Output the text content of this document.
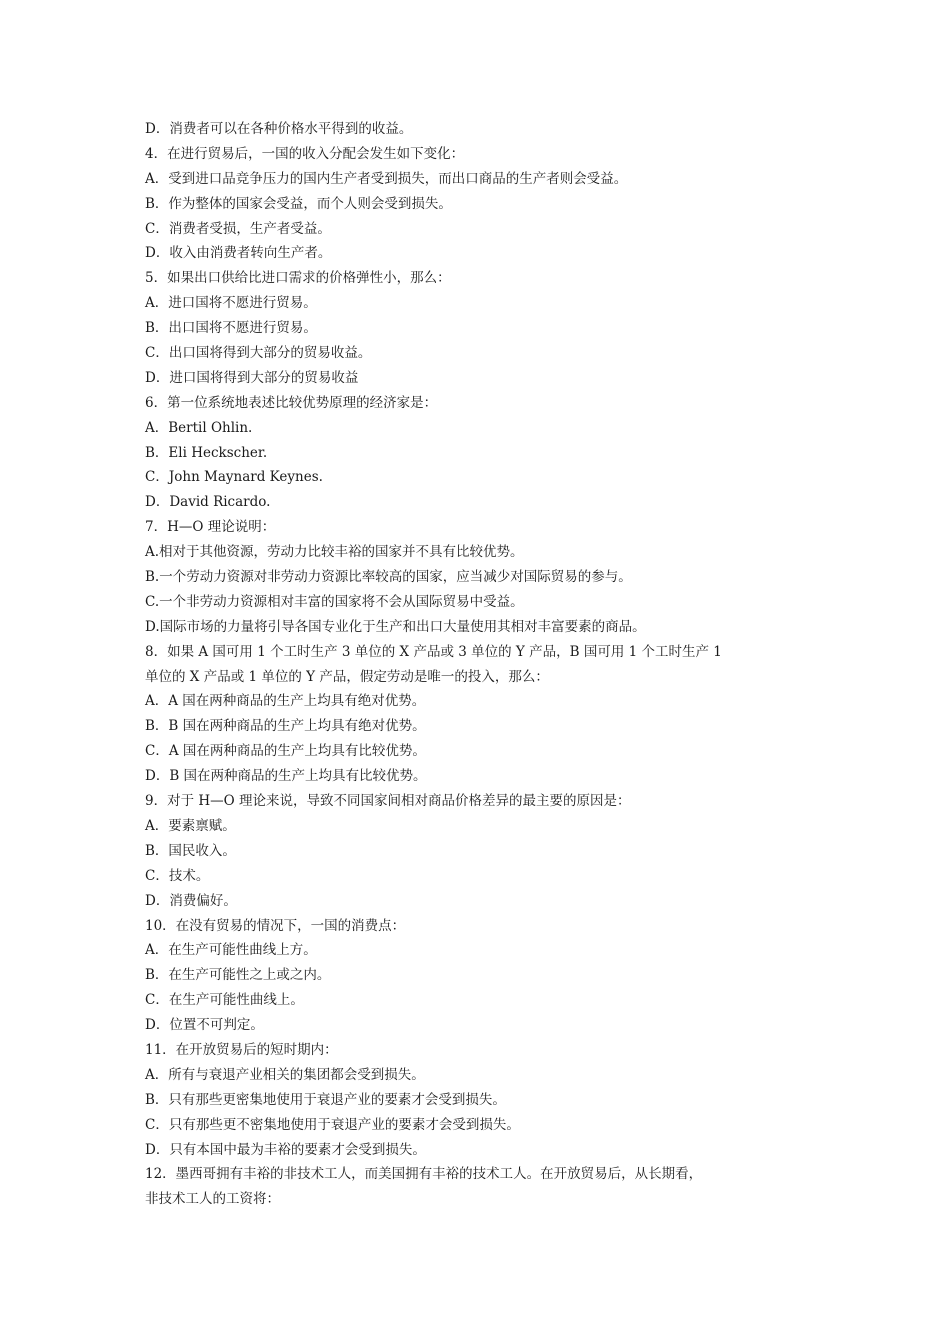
D．消费者可以在各种价格水平得到的收益。
4．在进行贸易后，一国的收入分配会发生如下变化：
A．受到进口品竞争压力的国内生产者受到损失，而出口商品的生产者则会受益。
B．作为整体的国家会受益，而个人则会受到损失。
C．消费者受损，生产者受益。
D．收入由消费者转向生产者。
5．如果出口供给比进口需求的价格弹性小，那么：
A．进口国将不愿进行贸易。
B．出口国将不愿进行贸易。
C．出口国将得到大部分的贸易收益。
D．进口国将得到大部分的贸易收益
6．第一位系统地表述比较优势原理的经济家是：
A．Bertil Ohlin.
B．Eli Heckscher.
C．John Maynard Keynes.
D．David Ricardo.
7．H—O 理论说明：
A.相对于其他资源，劳动力比较丰裕的国家并不具有比较优势。
B.一个劳动力资源对非劳动力资源比率较高的国家，应当减少对国际贸易的参与。
C.一个非劳动力资源相对丰富的国家将不会从国际贸易中受益。
D.国际市场的力量将引导各国专业化于生产和出口大量使用其相对丰富要素的商品。
8．如果 A 国可用 1 个工时生产 3 单位的 X 产品或 3 单位的 Y 产品，B 国可用 1 个工时生产 1
单位的 X 产品或 1 单位的 Y 产品，假定劳动是唯一的投入，那么：
A．A 国在两种商品的生产上均具有绝对优势。
B．B 国在两种商品的生产上均具有绝对优势。
C．A 国在两种商品的生产上均具有比较优势。
D．B 国在两种商品的生产上均具有比较优势。
9．对于 H—O 理论来说，导致不同国家间相对商品价格差异的最主要的原因是：
A．要素禀赋。
B．国民收入。
C．技术。
D．消费偏好。
10．在没有贸易的情况下，一国的消费点：
A．在生产可能性曲线上方。
B．在生产可能性之上或之内。
C．在生产可能性曲线上。
D．位置不可判定。
11．在开放贸易后的短时期内：
A．所有与衰退产业相关的集团都会受到损失。
B．只有那些更密集地使用于衰退产业的要素才会受到损失。
C．只有那些更不密集地使用于衰退产业的要素才会受到损失。
D．只有本国中最为丰裕的要素才会受到损失。
12．墨西哥拥有丰裕的非技术工人，而美国拥有丰裕的技术工人。在开放贸易后，从长期看，
非技术工人的工资将：
